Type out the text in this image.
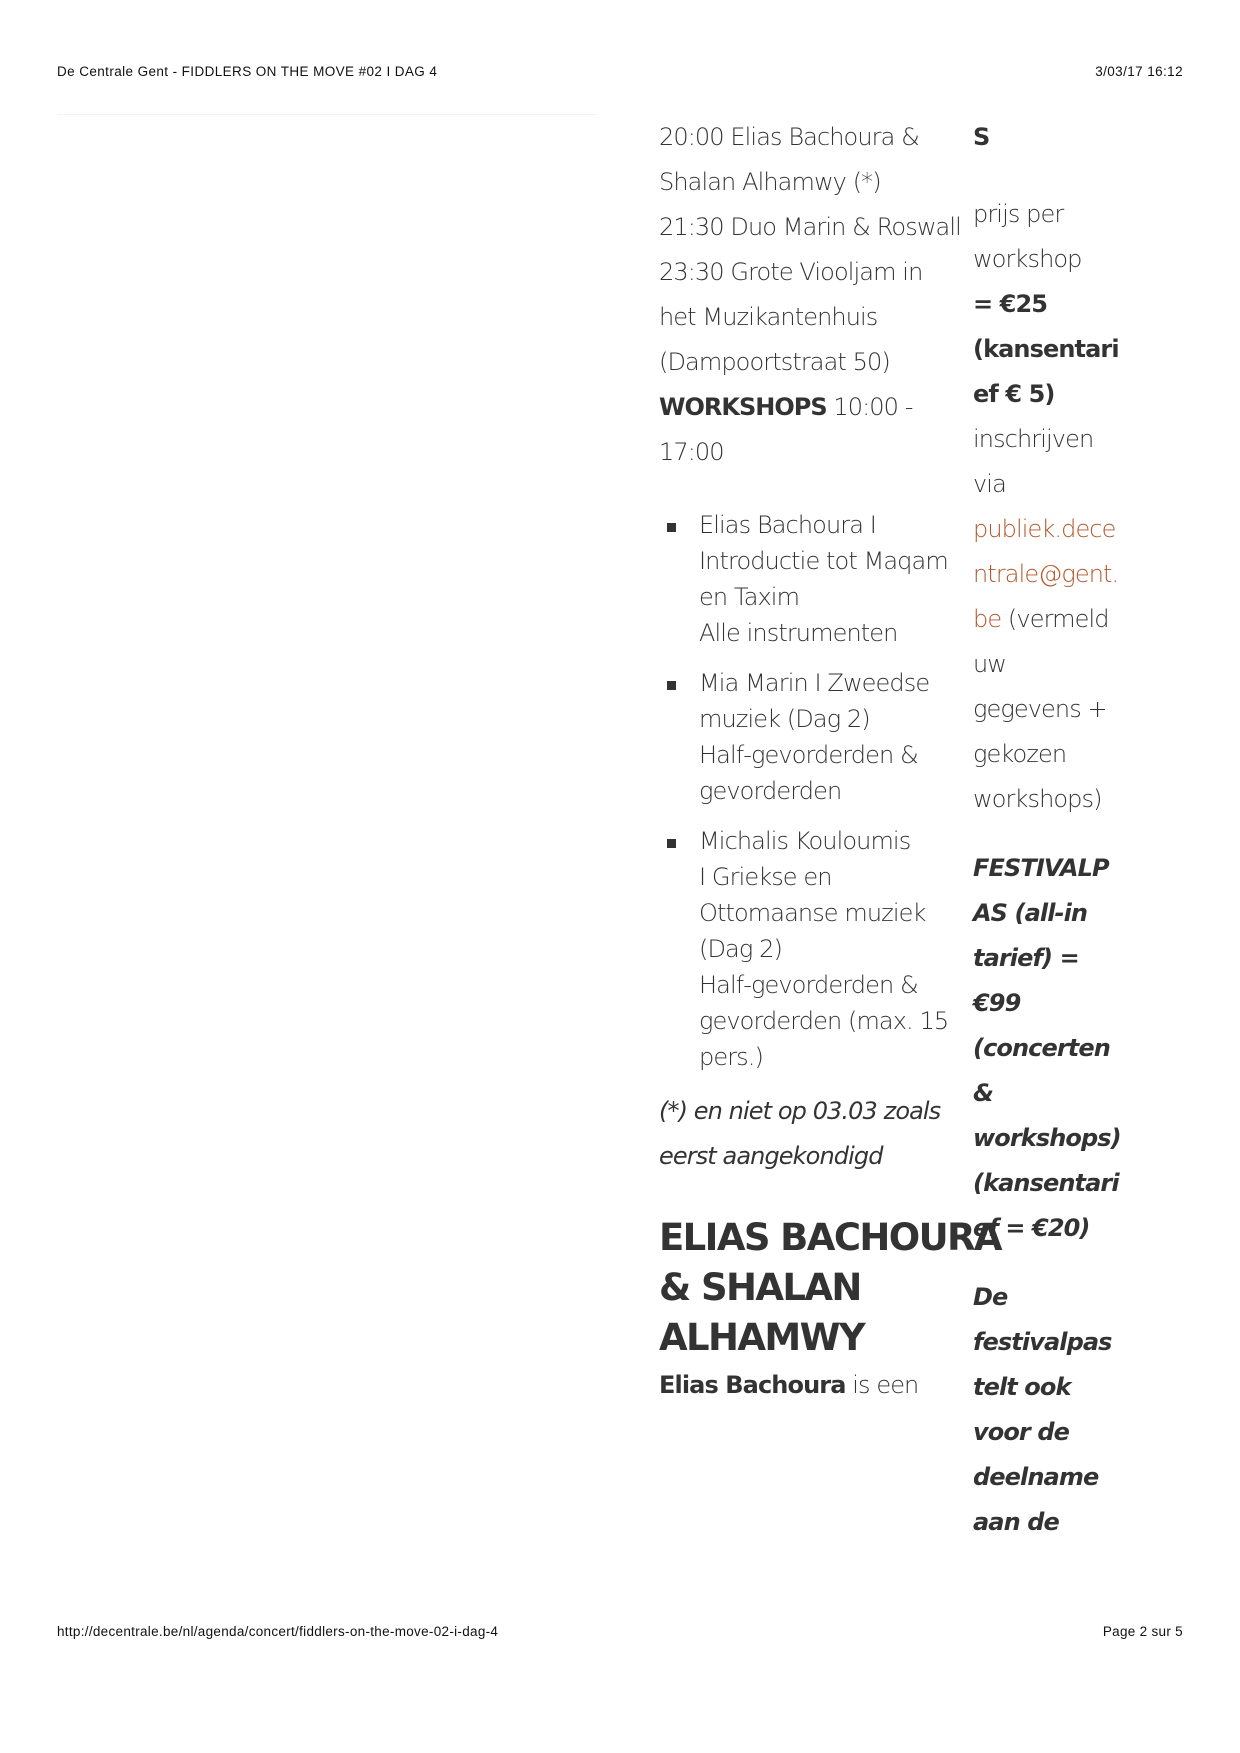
De Centrale Gent - FIDDLERS ON THE MOVE #02 I DAG 4	3/03/17 16:12

20:00 Elias Bachoura &
Shalan Alhamwy (*)
21:30 Duo Marin & Roswall
23:30 Grote Viooljam in
het Muzikantenhuis
(Dampoortstraat 50)

WORKSHOPS 10:00 -
17:00

Elias Bachoura I
Introductie tot Maqam
en Taxim
Alle instrumenten
Mia Marin I Zweedse
muziek (Dag 2)
Half-gevorderden &
gevorderden
Michalis Kouloumis
I Griekse en
Ottomaanse muziek
(Dag 2)
Half-gevorderden &
gevorderden (max. 15
pers.)

(*) en niet op 03.03 zoals
eerst aangekondigd

ELIAS BACHOURA
& SHALAN
ALHAMWY

Elias Bachoura is een

S
prijs per
workshop
= €25
(kansentari
ef € 5)
inschrijven
via
publiek.dece
ntrale@gent.
be (vermeld
uw
gegevens +
gekozen
workshops)
FESTIVALP
AS (all-in
tarief) =
€99
(concerten
&
workshops)
(kansentari
ef = €20)
De
festivalpas
telt ook
voor de
deelname
aan de
http://decentrale.be/nl/agenda/concert/fiddlers-on-the-move-02-i-dag-4	Page 2 sur 5
